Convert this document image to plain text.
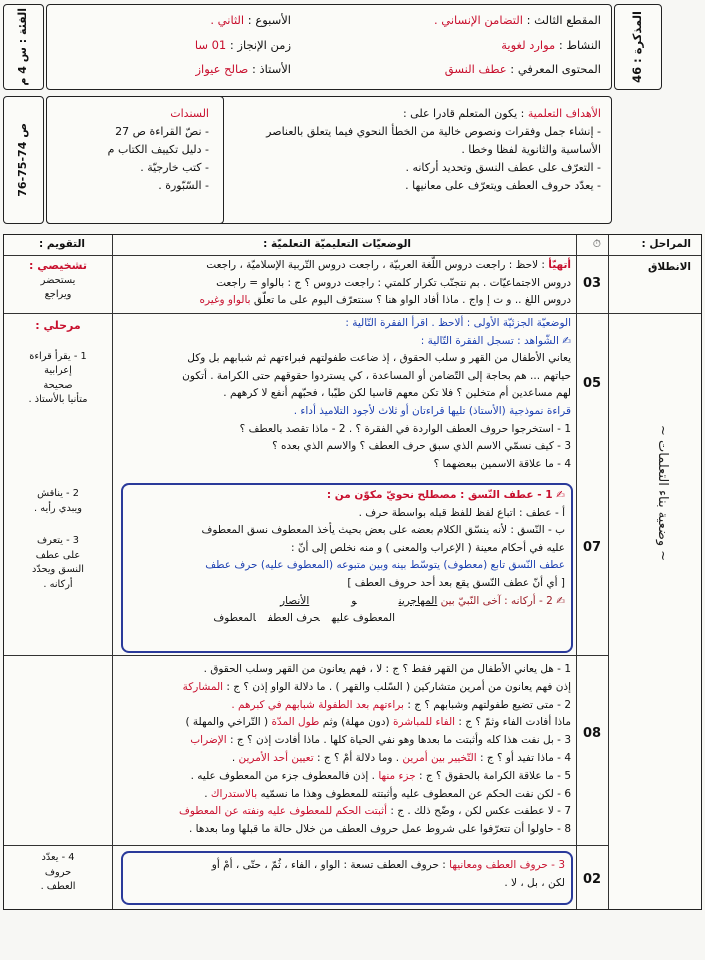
المذكرة : 46
المقطع الثالث : التضامن الإنساني .
النشاط : موارد لغوية
المحتوى المعرفي : عطف النسق
الأسبوع : الثاني .
زمن الإنجاز : 01 سا
الأستاذ : صالح عيواز
الفئة : س 4 م
الأهداف التعلمية : يكون المتعلم قادرا على :
- إنشاء جمل وفقرات ونصوص خالية من الخطأ النحوي فيما يتعلق بالعناصر
الأساسية والثانوية لفظا وخطا .
- التعرّف على عطف النسق وتحديد أركانه .
- يعدّد حروف العطف ويتعرّف على معانيها .
السندات
- نصّ القراءة ص 27
- دليل تكييف الكتاب م
- كتب خارجيّة .
- السّبّورة .
ص 74-75-76
المراحل :
⏱
الوضعيّات التعليميّة التعلميّة :
التقويم :
الانطلاق
03
أتهيّأ : لاحظ : راجعت دروس اللّغة العربيّة ، راجعت دروس التّربية الإسلاميّة ، راجعت
دروس الاجتماعيّات . بم نتجنّب تكرار كلمتي : راجعت دروس ؟ ج : بالواو = راجعت
دروس اللغ .. و ت إ واج . ماذا أفاد الواو هنا ؟ سنتعرّف اليوم على ما تعلّق بالواو وغيره
تشخيصي :
يستحضر
ويراجع
~ وضعية بناء التعلمات ~
05
الوضعيّة الجزئيّة الأولى : ألاحظ . اقرأ الفقرة التّالية :
✍ الشّواهد : تسجل الفقرة التّالية :
يعاني الأطفال من القهر و سلب الحقوق ، إذ ضاعت طفولتهم فبراءتهم ثم شبابهم بل وكل
حياتهم ... هم بحاجة إلى التّضامن أو المساعدة ، كي يستردوا حقوقهم حتى الكرامة . أتكون
لهم مساعدين أم متخلين ؟ فلا تكن معهم قاسيا لكن طيّبا ، فحبّهم أنفع لا كرههم .
قراءة نموذجية (الأستاذ) تليها قراءتان أو ثلاث لأجود التلاميذ أداء .
1 - استخرجوا حروف العطف الواردة في الفقرة ؟ . 2 - ماذا تقصد بالعطف ؟
3 - كيف نسمّي الاسم الذي سبق حرف العطف ؟ والاسم الذي بعده ؟
4 - ما علاقة الاسمين ببعضهما ؟
مرحلي :
1 - يقرأ قراءة
إعرابية
صحيحة
متأنيا بالأستاذ .
07
✍ 1 - عطف النّسق : مصطلح نحويّ مكوّن من :
أ - عطف : اتباع لفظ للفظ قبله بواسطة حرف .
ب - النّسق : لأنه ينسّق الكلام بعضه على بعض بحيث يأخذ المعطوف نسق المعطوف
عليه في أحكام معينة ( الإعراب والمعنى ) و منه نخلص إلى أنّ :
عطف النّسق تابع (معطوف) يتوسّط بينه وبين متبوعه (المعطوف عليه) حرف عطف
[ أي أنّ عطف النّسق يقع بعد أحد حروف العطف ]
✍ 2 - أركانه : آخى النّبيّ بين المهاجرينوالأنصار
المعطوف عليهحرف العطفالمعطوف
2 - يناقش
ويبدي رأيه .
3 - يتعرف
على عطف
النسق ويحدّد
أركانه .
08
1 - هل يعاني الأطفال من القهر فقط ؟ ج : لا ، فهم يعانون من القهر وسلب الحقوق .
إذن فهم يعانون من أمرين متشاركين ( السّلب والقهر ) . ما دلالة الواو إذن ؟ ج : المشاركة
2 - متى تضيع طفولتهم وشبابهم ؟ ج : براءتهم بعد الطفولة شبابهم في كبرهم .
ماذا أفادت الفاء وثمّ ؟ ج : الفاء للمباشرة (دون مهلة) وثم طول المدّة ( التّراخي والمهلة )
3 - بل نفت هذا كله وأثبتت ما بعدها وهو نفي الحياة كلها . ماذا أفادت إذن ؟ ج : الإضراب
4 - ماذا تفيد أو ؟ ج : التّخيير بين أمرين . وما دلالة أمْ ؟ ج : تعيين أحد الأمرين .
5 - ما علاقة الكرامة بالحقوق ؟ ج : جزء منها . إذن فالمعطوف جزء من المعطوف عليه .
6 - لكن نفت الحكم عن المعطوف عليه وأثبتته للمعطوف وهذا ما نسمّيه بالاستدراك .
7 - لا عطفت عكس لكن ، وضّح ذلك . ج : أثبتت الحكم للمعطوف عليه ونفته عن المعطوف
8 - حاولوا أن تتعرّفوا على شروط عمل حروف العطف من خلال حالة ما قبلها وما بعدها .
02
3 - حروف العطف ومعانيها : حروف العطف تسعة : الواو ، الفاء ، ثُمّ ، حتّى ، أمْ أو
لكن ، بل ، لا .
4 - يعدّد
حروف
العطف .
